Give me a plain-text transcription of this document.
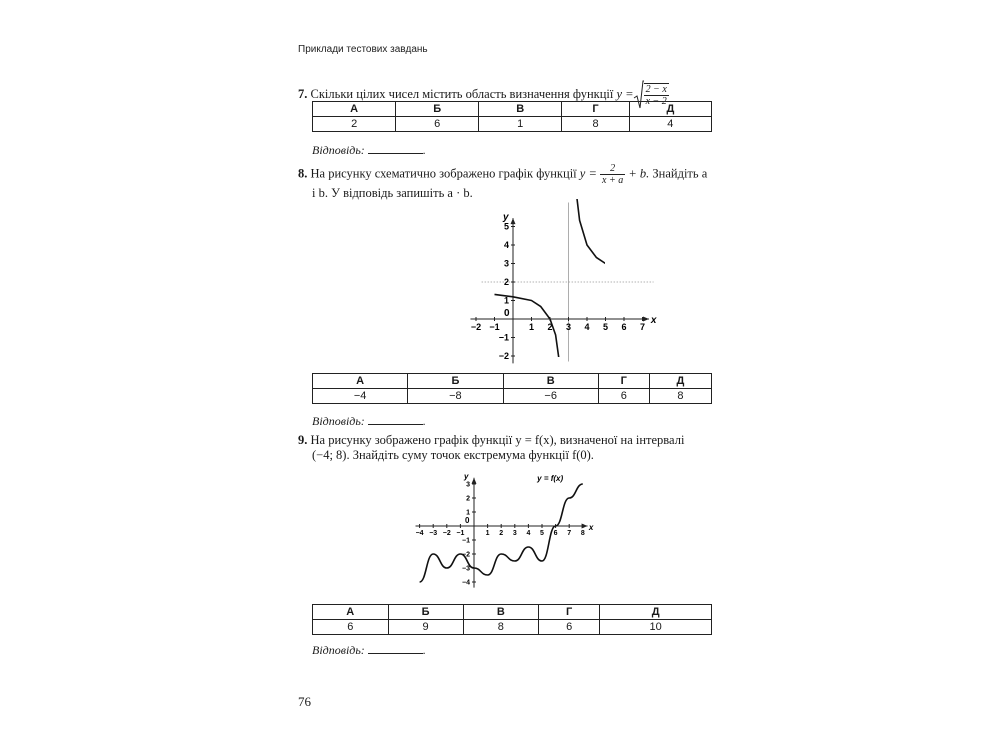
Приклади тестових завдань
7. Скільки цілих чисел містить область визначення функції $y = \frac{2 - x}{x - 2}$
А	Б	В	Г	Д
2	6	1	8	4
Відповідь:	.
8. На рисунку схематично зображено графік функції $y = \frac{2}{x + a} + b$. Знайдіть a
і b. У відповідь запишіть a · b.
x
y
0
−2 −1	1 2 3 4 5 6 7
−2
−1
1
2
3
4
5
А	Б	В	Г	Д
−4	−8	−6	6	8
Відповідь:	.
9. На рисунку зображено графік функції y = f(x), визначеної на інтервалі
(−4; 8). Знайдіть суму точок екстремума функції f(0).
y = f(x)
x
y
0
−4 −3 −2 −1	1 2 3 4 5 6 7 8
−4
−3
−2
−1
1
2
3
А	Б	В	Г	Д
6	9	8	6	10
Відповідь:	.
76
